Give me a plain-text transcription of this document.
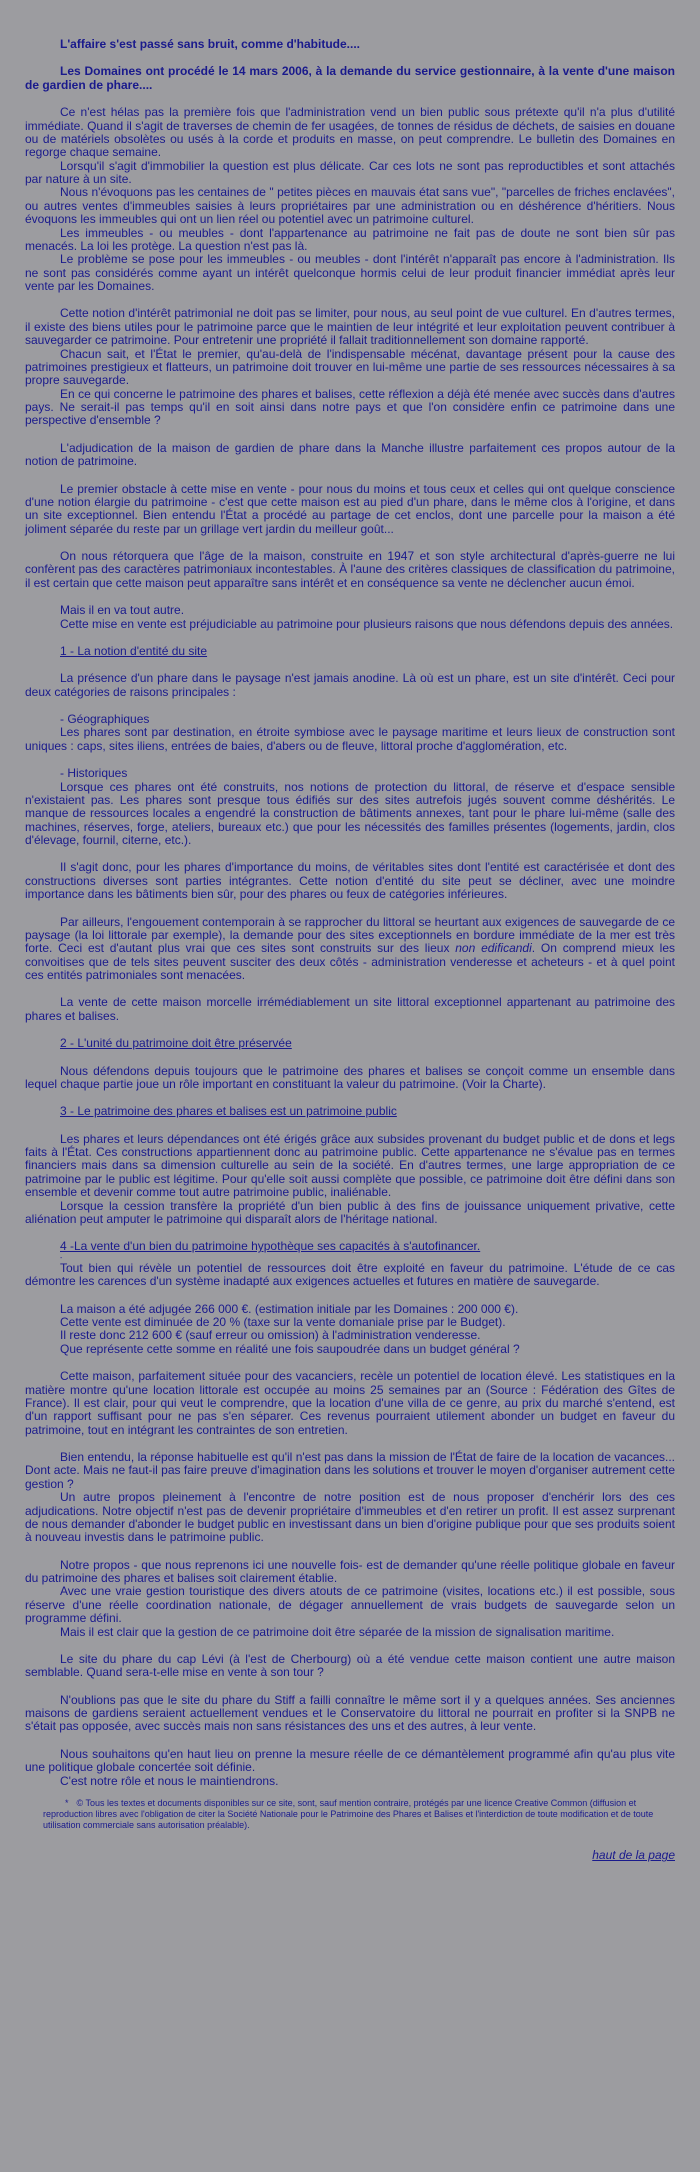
L'affaire s'est passé sans bruit, comme d'habitude....

Les Domaines ont procédé le 14 mars 2006, à la demande du service gestionnaire, à la vente d'une maison de gardien de phare....

Ce n'est hélas pas la première fois que l'administration vend un bien public sous prétexte qu'il n'a plus d'utilité immédiate. Quand il s'agit de traverses de chemin de fer usagées, de tonnes de résidus de déchets, de saisies en douane ou de matériels obsolètes ou usés à la corde et produits en masse, on peut comprendre. Le bulletin des Domaines en regorge chaque semaine.

Lorsqu'il s'agit d'immobilier la question est plus délicate. Car ces lots ne sont pas reproductibles et sont attachés par nature à un site.

Nous n'évoquons pas les centaines de " petites pièces en mauvais état sans vue", "parcelles de friches enclavées", ou autres ventes d'immeubles saisies à leurs propriétaires par une administration ou en déshérence d'héritiers. Nous évoquons les immeubles qui ont un lien réel ou potentiel avec un patrimoine culturel.

Les immeubles - ou meubles - dont l'appartenance au patrimoine ne fait pas de doute ne sont bien sûr pas menacés. La loi les protège. La question n'est pas là.

Le problème se pose pour les immeubles - ou meubles - dont l'intérêt n'apparaît pas encore à l'administration. Ils ne sont pas considérés comme ayant un intérêt quelconque hormis celui de leur produit financier immédiat après leur vente par les Domaines.

Cette notion d'intérêt patrimonial ne doit pas se limiter, pour nous, au seul point de vue culturel. En d'autres termes, il existe des biens utiles pour le patrimoine parce que le maintien de leur intégrité et leur exploitation peuvent contribuer à sauvegarder ce patrimoine. Pour entretenir une propriété il fallait traditionnellement son domaine rapporté.

Chacun sait, et l'État le premier, qu'au-delà de l'indispensable mécénat, davantage présent pour la cause des patrimoines prestigieux et flatteurs, un patrimoine doit trouver en lui-même une partie de ses ressources nécessaires à sa propre sauvegarde.

En ce qui concerne le patrimoine des phares et balises, cette réflexion a déjà été menée avec succès dans d'autres pays. Ne serait-il pas temps qu'il en soit ainsi dans notre pays et que l'on considère enfin ce patrimoine dans une perspective d'ensemble ?

L'adjudication de la maison de gardien de phare dans la Manche illustre parfaitement ces propos autour de la notion de patrimoine.

Le premier obstacle à cette mise en vente - pour nous du moins et tous ceux et celles qui ont quelque conscience d'une notion élargie du patrimoine - c'est que cette maison est au pied d'un phare, dans le même clos à l'origine, et dans un site exceptionnel. Bien entendu l'État a procédé au partage de cet enclos, dont une parcelle pour la maison a été joliment séparée du reste par un grillage vert jardin du meilleur goût...

On nous rétorquera que l'âge de la maison, construite en 1947 et son style architectural d'après-guerre ne lui confèrent pas des caractères patrimoniaux incontestables. À l'aune des critères classiques de classification du patrimoine, il est certain que cette maison peut apparaître sans intérêt et en conséquence sa vente ne déclencher aucun émoi.

Mais il en va tout autre.

Cette mise en vente est préjudiciable au patrimoine pour plusieurs raisons que nous défendons depuis des années.

1 - La notion d'entité du site

La présence d'un phare dans le paysage n'est jamais anodine. Là où est un phare, est un site d'intérêt. Ceci pour deux catégories de raisons principales :

- Géographiques

Les phares sont par destination, en étroite symbiose avec le paysage maritime et leurs lieux de construction sont uniques : caps, sites iliens, entrées de baies, d'abers ou de fleuve, littoral proche d'agglomération, etc.

- Historiques

Lorsque ces phares ont été construits, nos notions de protection du littoral, de réserve et d'espace sensible n'existaient pas. Les phares sont presque tous édifiés sur des sites autrefois jugés souvent comme déshérités. Le manque de ressources locales a engendré la construction de bâtiments annexes, tant pour le phare lui-même (salle des machines, réserves, forge, ateliers, bureaux etc.) que pour les nécessités des familles présentes (logements, jardin, clos d'élevage, fournil, citerne, etc.).

Il s'agit donc, pour les phares d'importance du moins, de véritables sites dont l'entité est caractérisée et dont des constructions diverses sont parties intégrantes. Cette notion d'entité du site peut se décliner, avec une moindre importance dans les bâtiments bien sûr, pour des phares ou feux de catégories inférieures.

Par ailleurs, l'engouement contemporain à se rapprocher du littoral se heurtant aux exigences de sauvegarde de ce paysage (la loi littorale par exemple), la demande pour des sites exceptionnels en bordure immédiate de la mer est très forte. Ceci est d'autant plus vrai que ces sites sont construits sur des lieux non edificandi. On comprend mieux les convoitises que de tels sites peuvent susciter des deux côtés - administration venderesse et acheteurs - et à quel point ces entités patrimoniales sont menacées.

La vente de cette maison morcelle irrémédiablement un site littoral exceptionnel appartenant au patrimoine des phares et balises.

2 - L'unité du patrimoine doit être préservée

Nous défendons depuis toujours que le patrimoine des phares et balises se conçoit comme un ensemble dans lequel chaque partie joue un rôle important en constituant la valeur du patrimoine. (Voir la Charte).

3 - Le patrimoine des phares et balises est un patrimoine public

Les phares et leurs dépendances ont été érigés grâce aux subsides provenant du budget public et de dons et legs faits à l'État. Ces constructions appartiennent donc au patrimoine public. Cette appartenance ne s'évalue pas en termes financiers mais dans sa dimension culturelle au sein de la société. En d'autres termes, une large appropriation de ce patrimoine par le public est légitime. Pour qu'elle soit aussi complète que possible, ce patrimoine doit être défini dans son ensemble et devenir comme tout autre patrimoine public, inaliénable.

Lorsque la cession transfère la propriété d'un bien public à des fins de jouissance uniquement privative, cette aliénation peut amputer le patrimoine qui disparaît alors de l'héritage national.

4 -La vente d'un bien du patrimoine hypothèque ses capacités à s'autofinancer.

-

Tout bien qui révèle un potentiel de ressources doit être exploité en faveur du patrimoine. L'étude de ce cas démontre les carences d'un système inadapté aux exigences actuelles et futures en matière de sauvegarde.

La maison a été adjugée 266 000 €. (estimation initiale par les Domaines : 200 000 €).

Cette vente est diminuée de 20 % (taxe sur la vente domaniale prise par le Budget).

Il reste donc 212 600 € (sauf erreur ou omission) à l'administration venderesse.

Que représente cette somme en réalité une fois saupoudrée dans un budget général ?

Cette maison, parfaitement située pour des vacanciers, recèle un potentiel de location élevé. Les statistiques en la matière montre qu'une location littorale est occupée au moins 25 semaines par an (Source : Fédération des Gîtes de France). Il est clair, pour qui veut le comprendre, que la location d'une villa de ce genre, au prix du marché s'entend, est d'un rapport suffisant pour ne pas s'en séparer. Ces revenus pourraient utilement abonder un budget en faveur du patrimoine, tout en intégrant les contraintes de son entretien.

Bien entendu, la réponse habituelle est qu'il n'est pas dans la mission de l'État de faire de la location de vacances... Dont acte. Mais ne faut-il pas faire preuve d'imagination dans les solutions et trouver le moyen d'organiser autrement cette gestion ?

Un autre propos pleinement à l'encontre de notre position est de nous proposer d'enchérir lors des ces adjudications. Notre objectif n'est pas de devenir propriétaire d'immeubles et d'en retirer un profit. Il est assez surprenant de nous demander d'abonder le budget public en investissant dans un bien d'origine publique pour que ses produits soient à nouveau investis dans le patrimoine public.

Notre propos - que nous reprenons ici une nouvelle fois- est de demander qu'une réelle politique globale en faveur du patrimoine des phares et balises soit clairement établie.

Avec une vraie gestion touristique des divers atouts de ce patrimoine (visites, locations etc.) il est possible, sous réserve d'une réelle coordination nationale, de dégager annuellement de vrais budgets de sauvegarde selon un programme défini.

Mais il est clair que la gestion de ce patrimoine doit être séparée de la mission de signalisation maritime.

Le site du phare du cap Lévi (à l'est de Cherbourg) où a été vendue cette maison contient une autre maison semblable. Quand sera-t-elle mise en vente à son tour ?

N'oublions pas que le site du phare du Stiff a failli connaître le même sort il y a quelques années. Ses anciennes maisons de gardiens seraient actuellement vendues et le Conservatoire du littoral ne pourrait en profiter si la SNPB ne s'était pas opposée, avec succès mais non sans résistances des uns et des autres, à leur vente.

Nous souhaitons qu'en haut lieu on prenne la mesure réelle de ce démantèlement programmé afin qu'au plus vite une politique globale concertée soit définie.

C'est notre rôle et nous le maintiendrons.

* © Tous les textes et documents disponibles sur ce site, sont, sauf mention contraire, protégés par une licence Creative Common (diffusion et reproduction libres avec l'obligation de citer la Société Nationale pour le Patrimoine des Phares et Balises et l'interdiction de toute modification et de toute utilisation commerciale sans autorisation préalable).
haut de la page
